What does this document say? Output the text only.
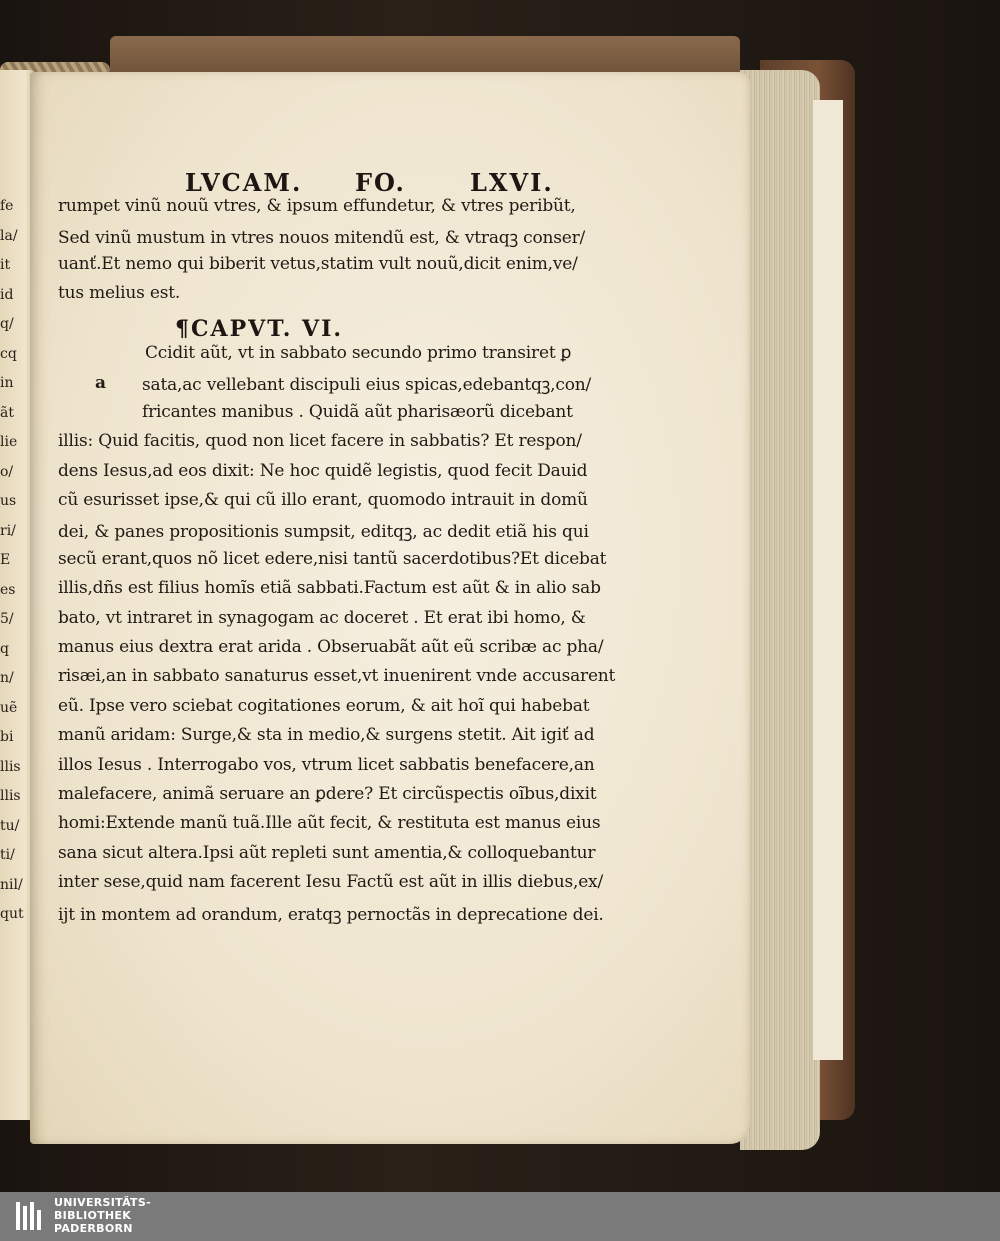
LVCAM. FO.	LXVI.
rumpet vinũ nouũ vtres, & ipsum effundetur, & vtres peribũt,
Sed vinũ mustum in vtres nouos mitendũ est, & vtraqꝫ conser/
uanť.Et nemo qui biberit vetus,statim vult nouũ,dicit enim,ve/
tus melius est.
¶CAPVT. VI.
a
Ccidit aũt, vt in sabbato secundo primo transiret ꝑ
sata,ac vellebant discipuli eius spicas,edebantqꝫ,con/
fricantes manibus . Quidã aũt pharisæorũ dicebant
illis: Quid facitis, quod non licet facere in sabbatis? Et respon/
dens Iesus,ad eos dixit: Ne hoc quidẽ legistis, quod fecit Dauid
cũ esurisset ipse,& qui cũ illo erant, quomodo intrauit in domũ
dei, & panes propositionis sumpsit, editqꝫ, ac dedit etiã his qui
secũ erant,quos nõ licet edere,nisi tantũ sacerdotibus?Et dicebat
illis,dñs est filius homĩs etiã sabbati.Factum est aũt & in alio sab
bato, vt intraret in synagogam ac doceret . Et erat ibi homo, &
manus eius dextra erat arida . Obseruabãt aũt eũ scribæ ac pha/
risæi,an in sabbato sanaturus esset,vt inuenirent vnde accusarent
eũ. Ipse vero sciebat cogitationes eorum, & ait hoĩ qui habebat
manũ aridam: Surge,& sta in medio,& surgens stetit. Ait igiť ad
illos Iesus . Interrogabo vos, vtrum licet sabbatis benefacere,an
malefacere, animã seruare an ꝑdere? Et circũspectis oĩbus,dixit
homi:Extende manũ tuã.Ille aũt fecit, & restituta est manus eius
sana sicut altera.Ipsi aũt repleti sunt amentia,& colloquebantur
inter sese,quid nam facerent Iesu Factũ est aũt in illis diebus,ex/
ijt in montem ad orandum, eratqꝫ pernoctãs in deprecatione dei.
fe
la/
it
id
q/
cq
in
ãt
lie
o/
us
ri/
E
es
5/
q
n/
uẽ
bi
llis
llis
tu/
ti/
nil/
qut
UNIVERSITÄTS-
BIBLIOTHEK
PADERBORN
